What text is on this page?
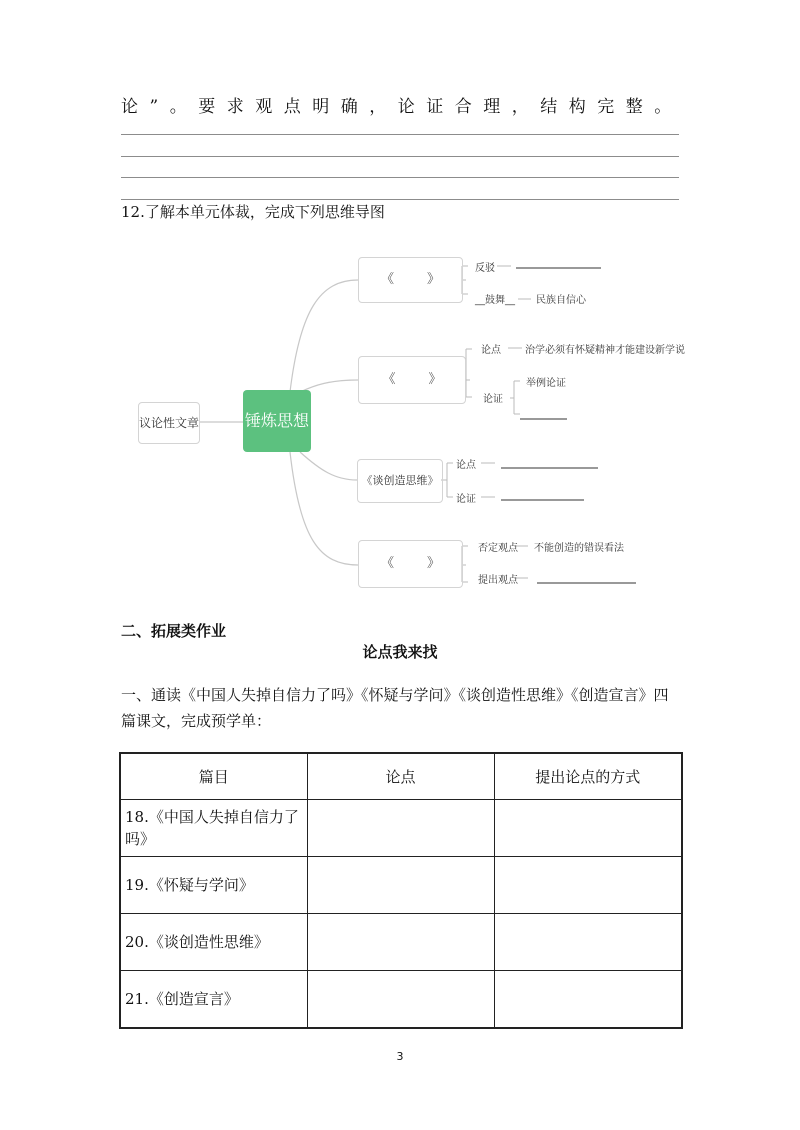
论”。要求观点明确，论证合理，结构完整。
12.了解本单元体裁，完成下列思维导图
议论性文章	锤炼思想
《        》
反驳
__鼓舞__ 民族自信心
《        》
论点 治学必须有怀疑精神才能建设新学说
论证
举例论证
《谈创造思维》
论点
论证
《        》
否定观点 不能创造的错误看法
提出观点
二、拓展类作业
论点我来找
一、通读《中国人失掉自信力了吗》《怀疑与学问》《谈创造性思维》《创造宣言》四篇课文，完成预学单：
篇目	论点	提出论点的方式
18.《中国人失掉自信力了吗》		
19.《怀疑与学问》		
20.《谈创造性思维》		
21.《创造宣言》		
3
